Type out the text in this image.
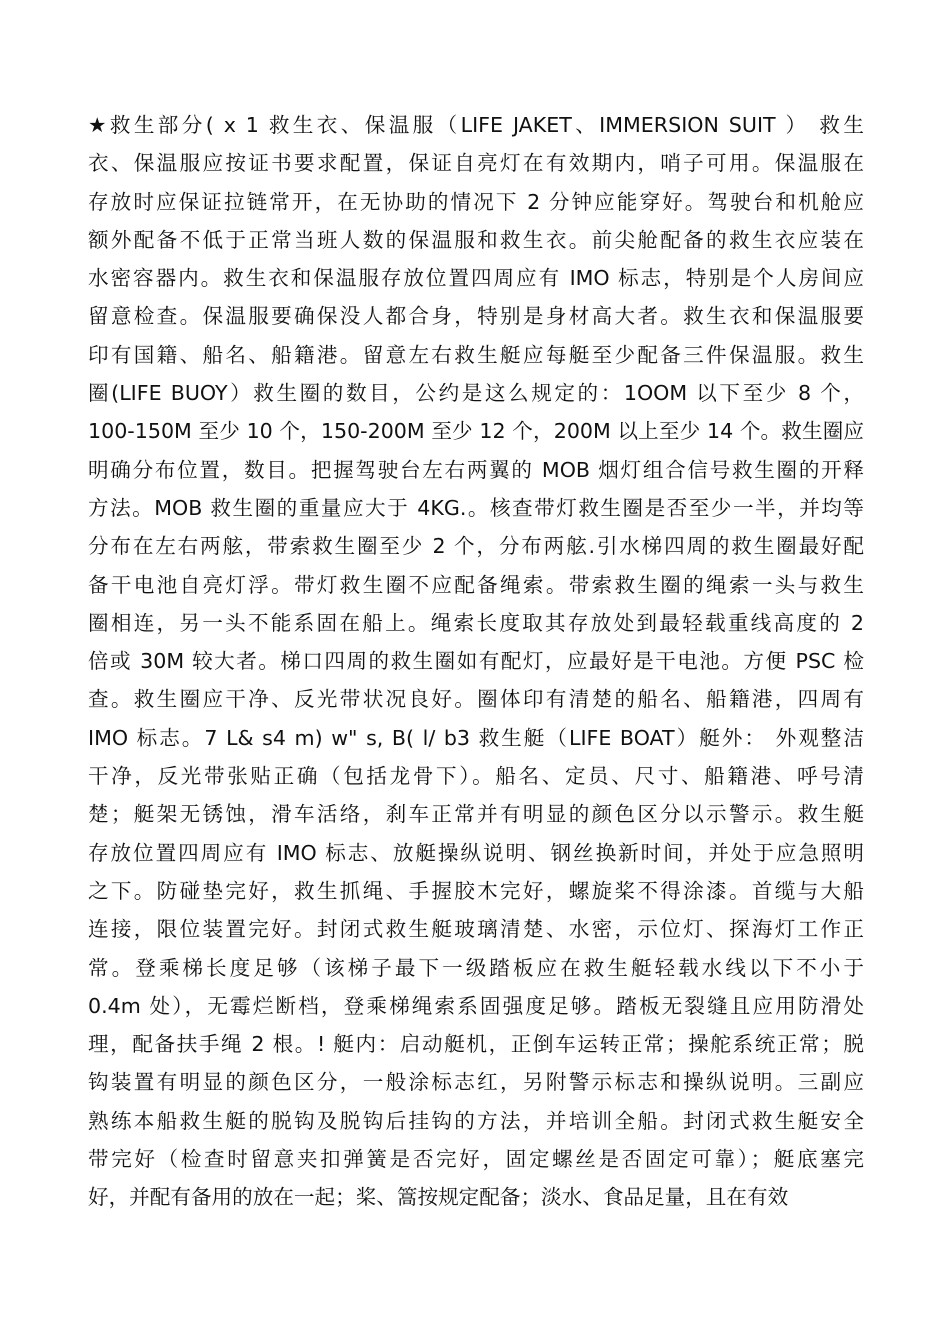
★救生部分( x 1 救生衣、保温服（LIFE JAKET、IMMERSION SUIT ） 救生
衣、保温服应按证书要求配置，保证自亮灯在有效期内，哨子可用。保温服在
存放时应保证拉链常开，在无协助的情况下 2 分钟应能穿好。驾驶台和机舱应
额外配备不低于正常当班人数的保温服和救生衣。前尖舱配备的救生衣应装在
水密容器内。救生衣和保温服存放位置四周应有 IMO 标志，特别是个人房间应
留意检查。保温服要确保没人都合身，特别是身材高大者。救生衣和保温服要
印有国籍、船名、船籍港。留意左右救生艇应每艇至少配备三件保温服。救生
圈(LIFE BUOY）救生圈的数目，公约是这么规定的：1OOM 以下至少 8 个，
100-150M 至少 10 个，150-200M 至少 12 个，200M 以上至少 14 个。救生圈应
明确分布位置，数目。把握驾驶台左右两翼的 MOB 烟灯组合信号救生圈的开释
方法。MOB 救生圈的重量应大于 4KG.。核查带灯救生圈是否至少一半，并均等
分布在左右两舷，带索救生圈至少 2 个，分布两舷.引水梯四周的救生圈最好配
备干电池自亮灯浮。带灯救生圈不应配备绳索。带索救生圈的绳索一头与救生
圈相连，另一头不能系固在船上。绳索长度取其存放处到最轻载重线高度的 2
倍或 30M 较大者。梯口四周的救生圈如有配灯，应最好是干电池。方便 PSC 检
查。救生圈应干净、反光带状况良好。圈体印有清楚的船名、船籍港，四周有
IMO 标志。7 L& s4 m) w" s, B( l/ b3 救生艇（LIFE BOAT）艇外： 外观整洁
干净，反光带张贴正确（包括龙骨下）。船名、定员、尺寸、船籍港、呼号清
楚；艇架无锈蚀，滑车活络，刹车正常并有明显的颜色区分以示警示。救生艇
存放位置四周应有 IMO 标志、放艇操纵说明、钢丝换新时间，并处于应急照明
之下。防碰垫完好，救生抓绳、手握胶木完好，螺旋桨不得涂漆。首缆与大船
连接，限位装置完好。封闭式救生艇玻璃清楚、水密，示位灯、探海灯工作正
常。登乘梯长度足够（该梯子最下一级踏板应在救生艇轻载水线以下不小于
0.4m 处），无霉烂断档，登乘梯绳索系固强度足够。踏板无裂缝且应用防滑处
理，配备扶手绳 2 根。! 艇内：启动艇机，正倒车运转正常；操舵系统正常；脱
钩装置有明显的颜色区分，一般涂标志红，另附警示标志和操纵说明。三副应
熟练本船救生艇的脱钩及脱钩后挂钩的方法，并培训全船。封闭式救生艇安全
带完好（检查时留意夹扣弹簧是否完好，固定螺丝是否固定可靠）；艇底塞完
好，并配有备用的放在一起；桨、篙按规定配备；淡水、食品足量，且在有效
